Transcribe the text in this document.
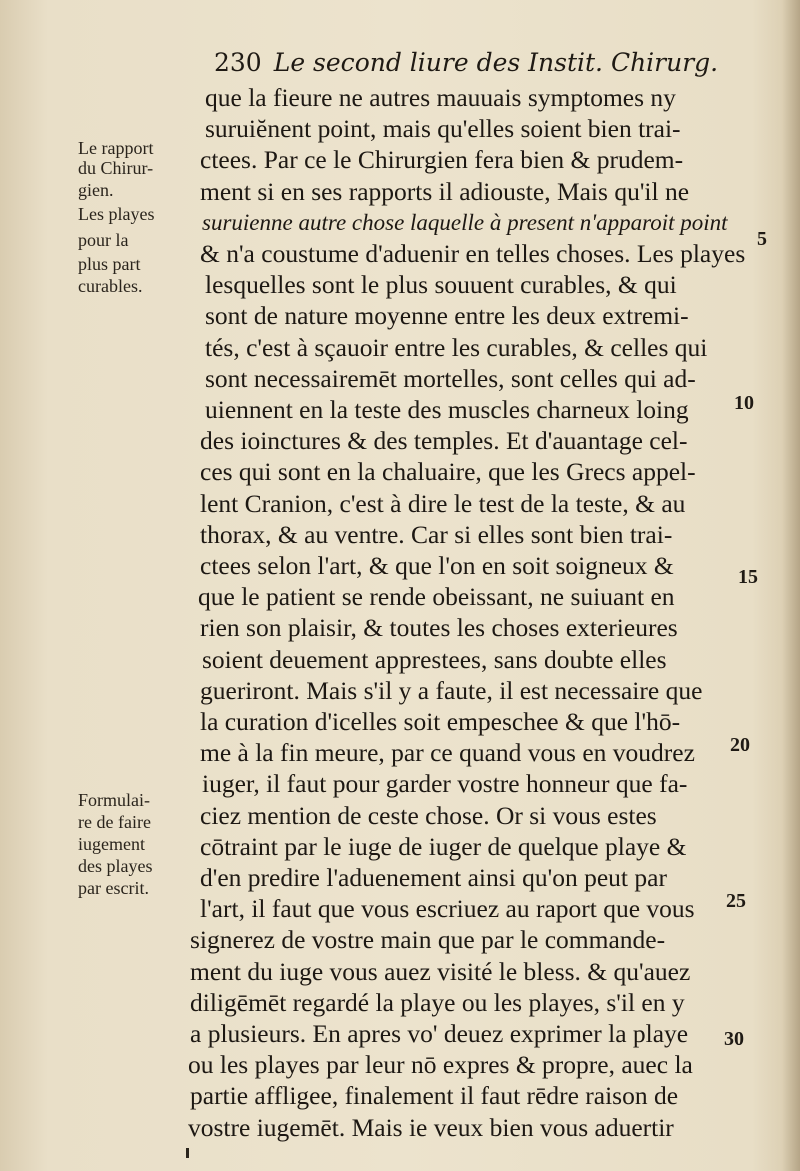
230 Le second liure des Instit. Chirurg.
que la fieure ne autres mauuais symptomes ny
suruiĕnent point, mais qu'elles soient bien trai-
ctees. Par ce le Chirurgien fera bien & prudem-
ment si en ses rapports il adiouste, Mais qu'il ne
suruienne autre chose laquelle à present n'apparoit point
& n'a coustume d'aduenir en telles choses. Les playes
lesquelles sont le plus souuent curables, & qui
sont de nature moyenne entre les deux extremi-
tés, c'est à sçauoir entre les curables, & celles qui
sont necessairemēt mortelles, sont celles qui ad-
uiennent en la teste des muscles charneux loing
des ioinctures & des temples. Et d'auantage cel-
ces qui sont en la chaluaire, que les Grecs appel-
lent Cranion, c'est à dire le test de la teste, & au
thorax, & au ventre. Car si elles sont bien trai-
ctees selon l'art, & que l'on en soit soigneux &
que le patient se rende obeissant, ne suiuant en
rien son plaisir, & toutes les choses exterieures
soient deuement apprestees, sans doubte elles
gueriront. Mais s'il y a faute, il est necessaire que
la curation d'icelles soit empeschee & que l'hō-
me à la fin meure, par ce quand vous en voudrez
iuger, il faut pour garder vostre honneur que fa-
ciez mention de ceste chose. Or si vous estes
cōtraint par le iuge de iuger de quelque playe &
d'en predire l'aduenement ainsi qu'on peut par
l'art, il faut que vous escriuez au raport que vous
signerez de vostre main que par le commande-
ment du iuge vous auez visité le bless. & qu'auez
diligēmēt regardé la playe ou les playes, s'il en y
a plusieurs. En apres vo' deuez exprimer la playe
ou les playes par leur nō expres & propre, auec la
partie affligee, finalement il faut rēdre raison de
vostre iugemēt. Mais ie veux bien vous aduertir
Le rapport
du Chirur-
gien.
Les playes
pour la
plus part
curables.
Formulai-
re de faire
iugement
des playes
par escrit.
5
10
15
20
25
30
